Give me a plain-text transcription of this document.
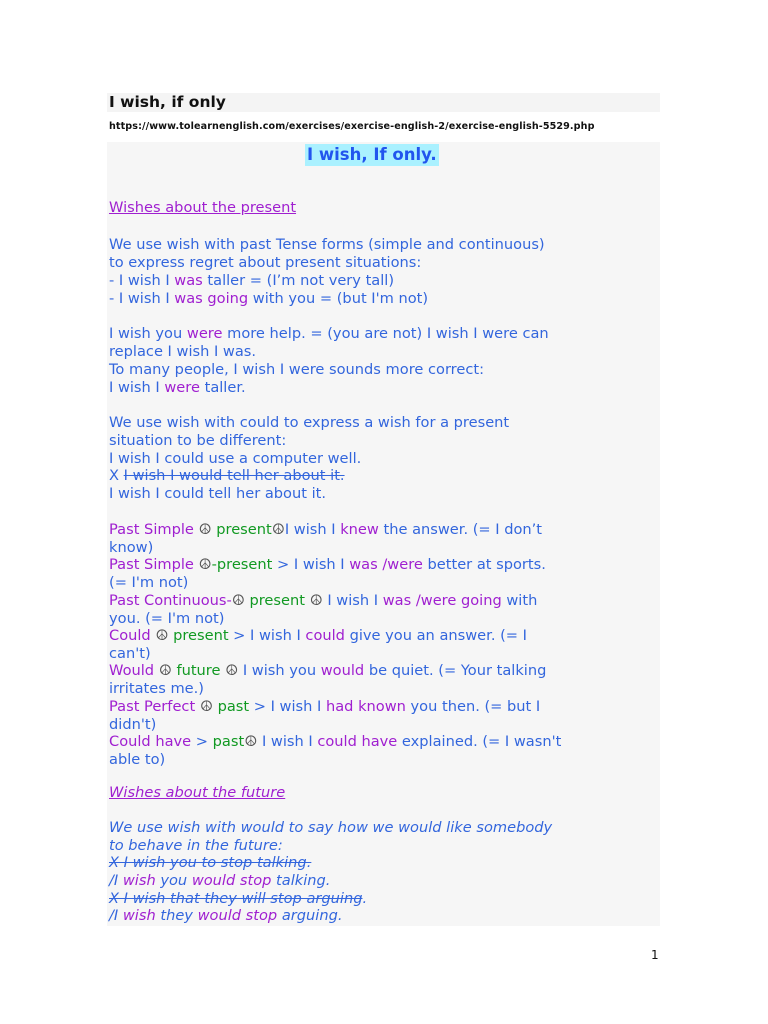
I wish, if only
https://www.tolearnenglish.com/exercises/exercise-english-2/exercise-english-5529.php
I wish, If only.
Wishes about the present
We use wish with past Tense forms (simple and continuous)
to express regret about present situations:
- I wish I was taller = (I’m not very tall)
- I wish I was going with you = (but I'm not)
I wish you were more help. = (you are not) I wish I were can
replace I wish I was.
To many people, I wish I were sounds more correct:
I wish I were taller.
We use wish with could to express a wish for a present
situation to be different:
I wish I could use a computer well.
X I wish I would tell her about it.
I wish I could tell her about it.
Past Simple ☮ present☮I wish I knew the answer. (= I don’t
know)
Past Simple ☮-present > I wish I was /were better at sports.
(= I'm not)
Past Continuous-☮ present ☮ I wish I was /were going with
you. (= I'm not)
Could ☮ present > I wish I could give you an answer. (= I
can't)
Would ☮ future ☮ I wish you would be quiet. (= Your talking
irritates me.)
Past Perfect ☮ past > I wish I had known you then. (= but I
didn't)
Could have > past☮ I wish I could have explained. (= I wasn't
able to)
Wishes about the future
We use wish with would to say how we would like somebody
to behave in the future:
X I wish you to stop talking.
/I wish you would stop talking.
X I wish that they will stop arguing.
/I wish they would stop arguing.
1
